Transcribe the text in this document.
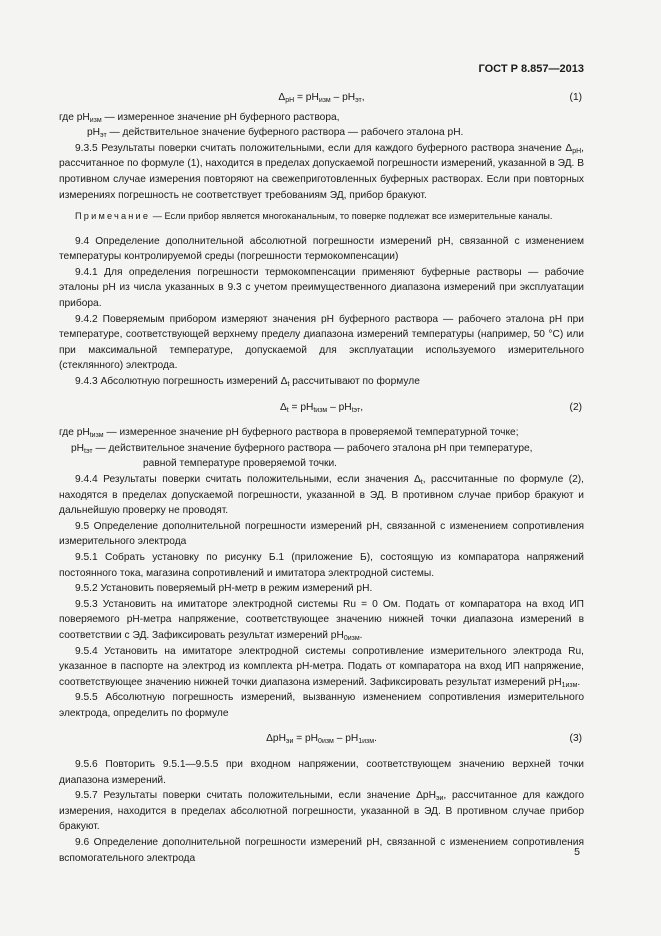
ГОСТ Р 8.857—2013
$\Delta_{рН} = рН_{изм} - рН_{эт}$,	(1)

где $рН_{изм}$ — измеренное значение рН буферного раствора,

$рН_{эт}$ — действительное значение буферного раствора — рабочего эталона рН.

9.3.5 Результаты поверки считать положительными, если для каждого буферного раствора значение $\Delta_{рН}$, рассчитанное по формуле (1), находится в пределах допускаемой погрешности измерений, указанной в ЭД. В противном случае измерения повторяют на свежеприготовленных буферных растворах. Если при повторных измерениях погрешность не соответствует требованиям ЭД, прибор бракуют.

Примечание — Если прибор является многоканальным, то поверке подлежат все измерительные каналы.

9.4 Определение дополнительной абсолютной погрешности измерений рН, связанной с изменением температуры контролируемой среды (погрешности термокомпенсации)

9.4.1 Для определения погрешности термокомпенсации применяют буферные растворы — рабочие эталоны рН из числа указанных в 9.3 с учетом преимущественного диапазона измерений при эксплуатации прибора.

9.4.2 Поверяемым прибором измеряют значения рН буферного раствора — рабочего эталона рН при температуре, соответствующей верхнему пределу диапазона измерений температуры (например, 50 °С) или при максимальной температуре, допускаемой для эксплуатации используемого измерительного (стеклянного) электрода.

9.4.3 Абсолютную погрешность измерений $\Delta_t$ рассчитывают по формуле

$\Delta_t = рН_{tизм} - рН_{tэт}$,	(2)

где $рН_{tизм}$ — измеренное значение рН буферного раствора в проверяемой температурной точке;

$рН_{tэт}$ — действительное значение буферного раствора — рабочего эталона рН при температуре,

равной температуре проверяемой точки.

9.4.4 Результаты поверки считать положительными, если значения $\Delta_t$, рассчитанные по формуле (2), находятся в пределах допускаемой погрешности, указанной в ЭД. В противном случае прибор бракуют и дальнейшую проверку не проводят.

9.5 Определение дополнительной погрешности измерений рН, связанной с изменением сопротивления измерительного электрода

9.5.1 Собрать установку по рисунку Б.1 (приложение Б), состоящую из компаратора напряжений постоянного тока, магазина сопротивлений и имитатора электродной системы.

9.5.2 Установить поверяемый рН-метр в режим измерений рН.

9.5.3 Установить на имитаторе электродной системы Ru = 0 Ом. Подать от компаратора на вход ИП поверяемого рН-метра напряжение, соответствующее значению нижней точки диапазона измерений в соответствии с ЭД. Зафиксировать результат измерений $рН_{0изм}$.

9.5.4 Установить на имитаторе электродной системы сопротивление измерительного электрода Ru, указанное в паспорте на электрод из комплекта рН-метра. Подать от компаратора на вход ИП напряжение, соответствующее значению нижней точки диапазона измерений. Зафиксировать результат измерений $рН_{1изм}$.

9.5.5 Абсолютную погрешность измерений, вызванную изменением сопротивления измерительного электрода, определить по формуле

$\Delta рН_{эи} = рН_{0изм} - рН_{1изм}$.	(3)

9.5.6 Повторить 9.5.1—9.5.5 при входном напряжении, соответствующем значению верхней точки диапазона измерений.

9.5.7 Результаты поверки считать положительными, если значение ΔрН$_{эи}$, рассчитанное для каждого измерения, находится в пределах абсолютной погрешности, указанной в ЭД. В противном случае прибор бракуют.

9.6 Определение дополнительной погрешности измерений рН, связанной с изменением сопротивления вспомогательного электрода

5
